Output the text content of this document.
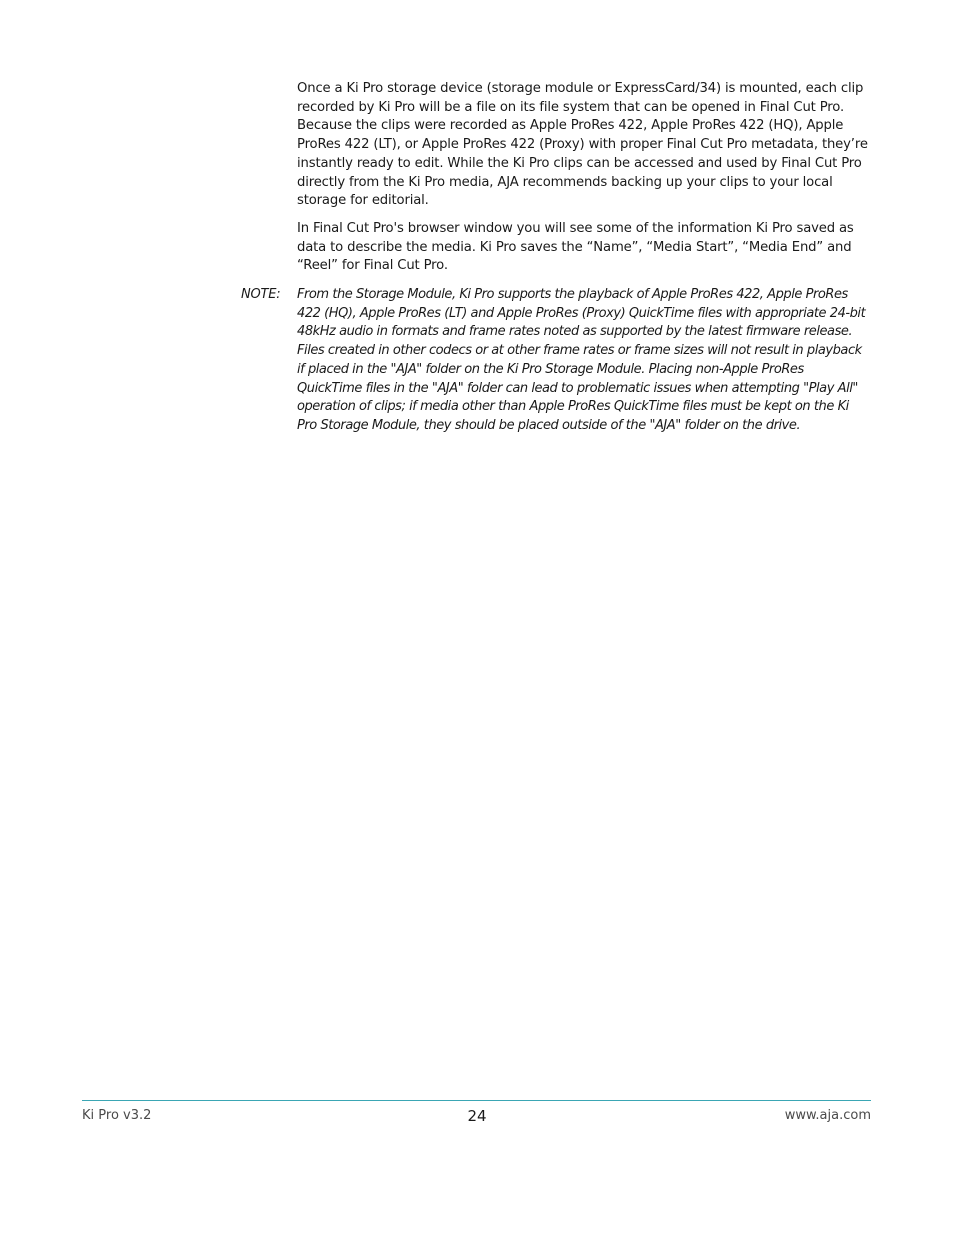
Once a Ki Pro storage device (storage module or ExpressCard/34) is mounted, each clip recorded by Ki Pro will be a file on its file system that can be opened in Final Cut Pro. Because the clips were recorded as Apple ProRes 422, Apple ProRes 422 (HQ), Apple ProRes 422 (LT), or Apple ProRes 422 (Proxy) with proper Final Cut Pro metadata, they’re instantly ready to edit. While the Ki Pro clips can be accessed and used by Final Cut Pro directly from the Ki Pro media, AJA recommends backing up your clips to your local storage for editorial.

In Final Cut Pro's browser window you will see some of the information Ki Pro saved as data to describe the media. Ki Pro saves the “Name”, “Media Start”, “Media End” and “Reel” for Final Cut Pro.

NOTE: From the Storage Module, Ki Pro supports the playback of Apple ProRes 422, Apple ProRes 422 (HQ), Apple ProRes (LT) and Apple ProRes (Proxy) QuickTime files with appropriate 24-bit 48kHz audio in formats and frame rates noted as supported by the latest firmware release. Files created in other codecs or at other frame rates or frame sizes will not result in playback if placed in the "AJA" folder on the Ki Pro Storage Module. Placing non-Apple ProRes QuickTime files in the "AJA" folder can lead to problematic issues when attempting "Play All" operation of clips; if media other than Apple ProRes QuickTime files must be kept on the Ki Pro Storage Module, they should be placed outside of the "AJA" folder on the drive.

Ki Pro v3.2	24	www.aja.com
